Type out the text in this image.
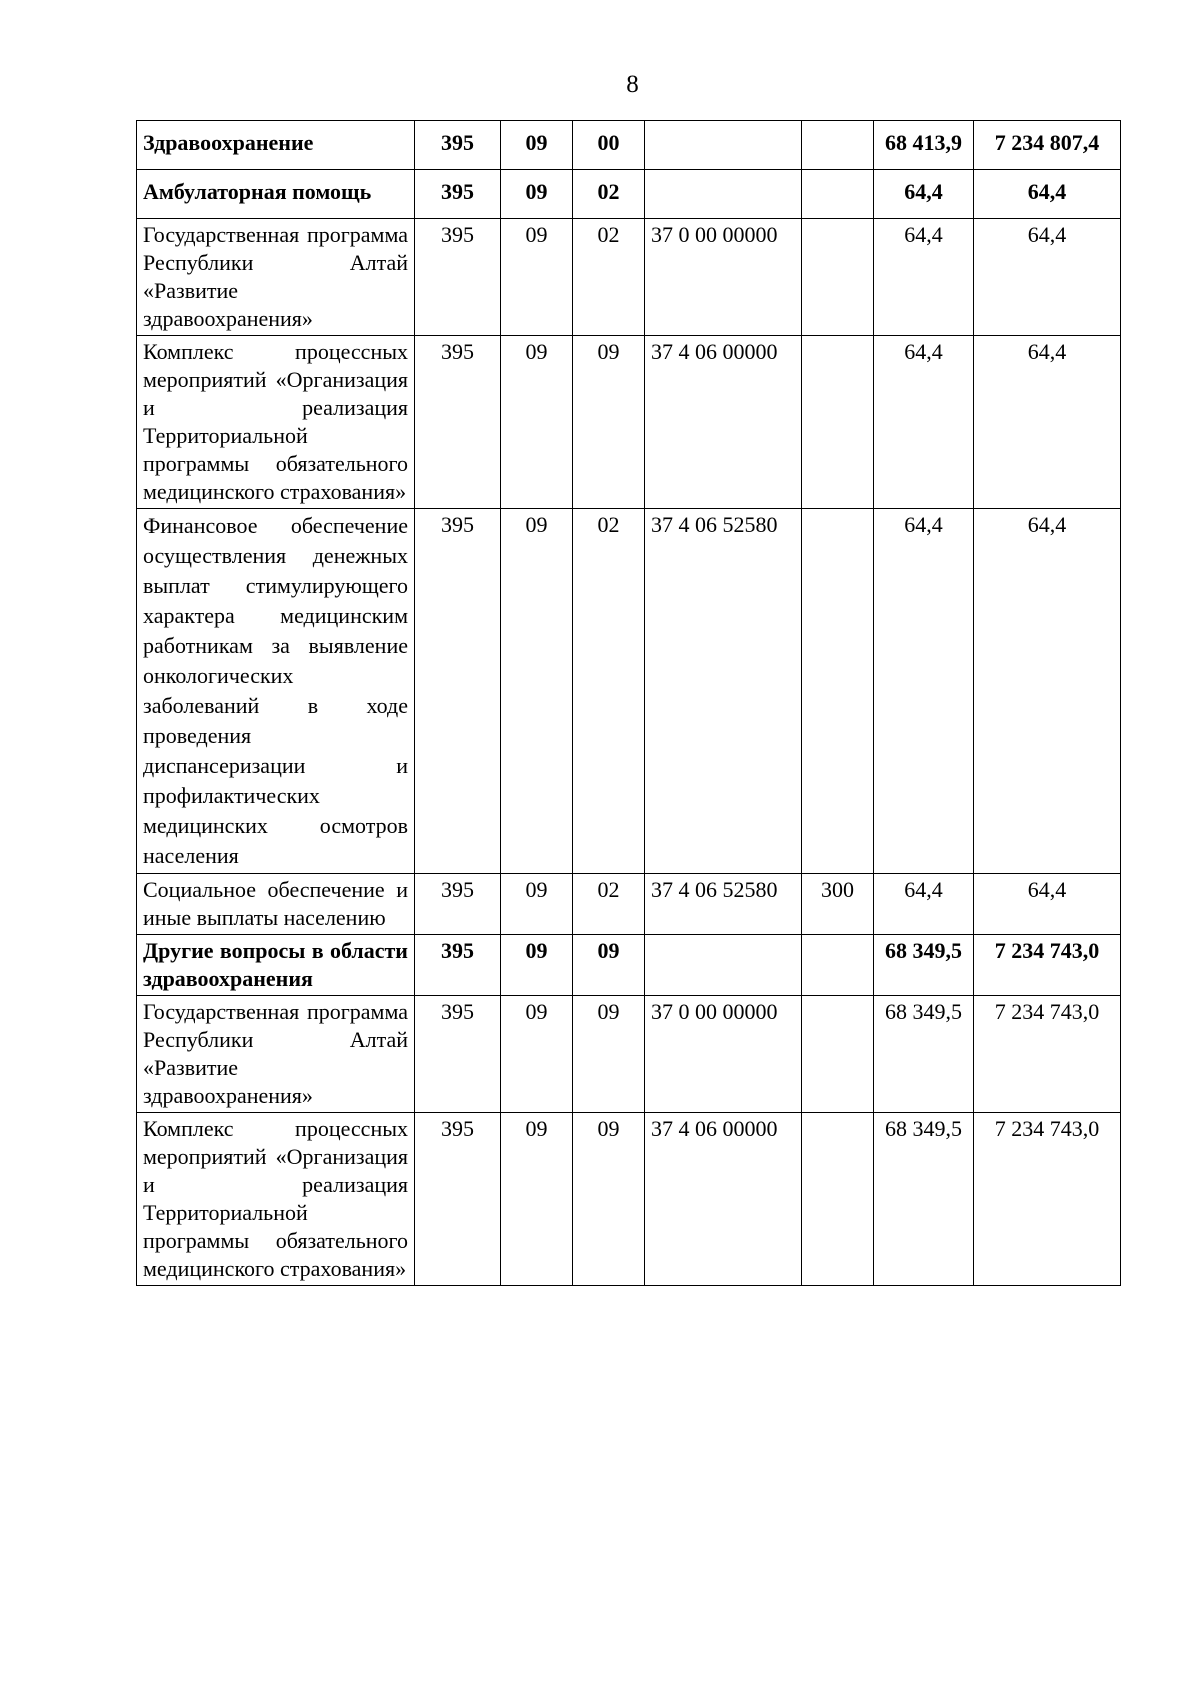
8
Здравоохранение	395	09	00			68 413,9	7 234 807,4
Амбулаторная помощь	395	09	02			64,4	64,4
Государственная программа Республики Алтай «Развитие здравоохранения»	395	09	02	37 0 00 00000		64,4	64,4
Комплекс процессных мероприятий «Организация и реализация Территориальной программы обязательного медицинского страхования»	395	09	09	37 4 06 00000		64,4	64,4
Финансовое обеспечение осуществления денежных выплат стимулирующего характера медицинским работникам за выявление онкологических заболеваний в ходе проведения диспансеризации и профилактических медицинских осмотров населения	395	09	02	37 4 06 52580		64,4	64,4
Социальное обеспечение и иные выплаты населению	395	09	02	37 4 06 52580	300	64,4	64,4
Другие вопросы в области здравоохранения	395	09	09			68 349,5	7 234 743,0
Государственная программа Республики Алтай «Развитие здравоохранения»	395	09	09	37 0 00 00000		68 349,5	7 234 743,0
Комплекс процессных мероприятий «Организация и реализация Территориальной программы обязательного медицинского страхования»	395	09	09	37 4 06 00000		68 349,5	7 234 743,0
